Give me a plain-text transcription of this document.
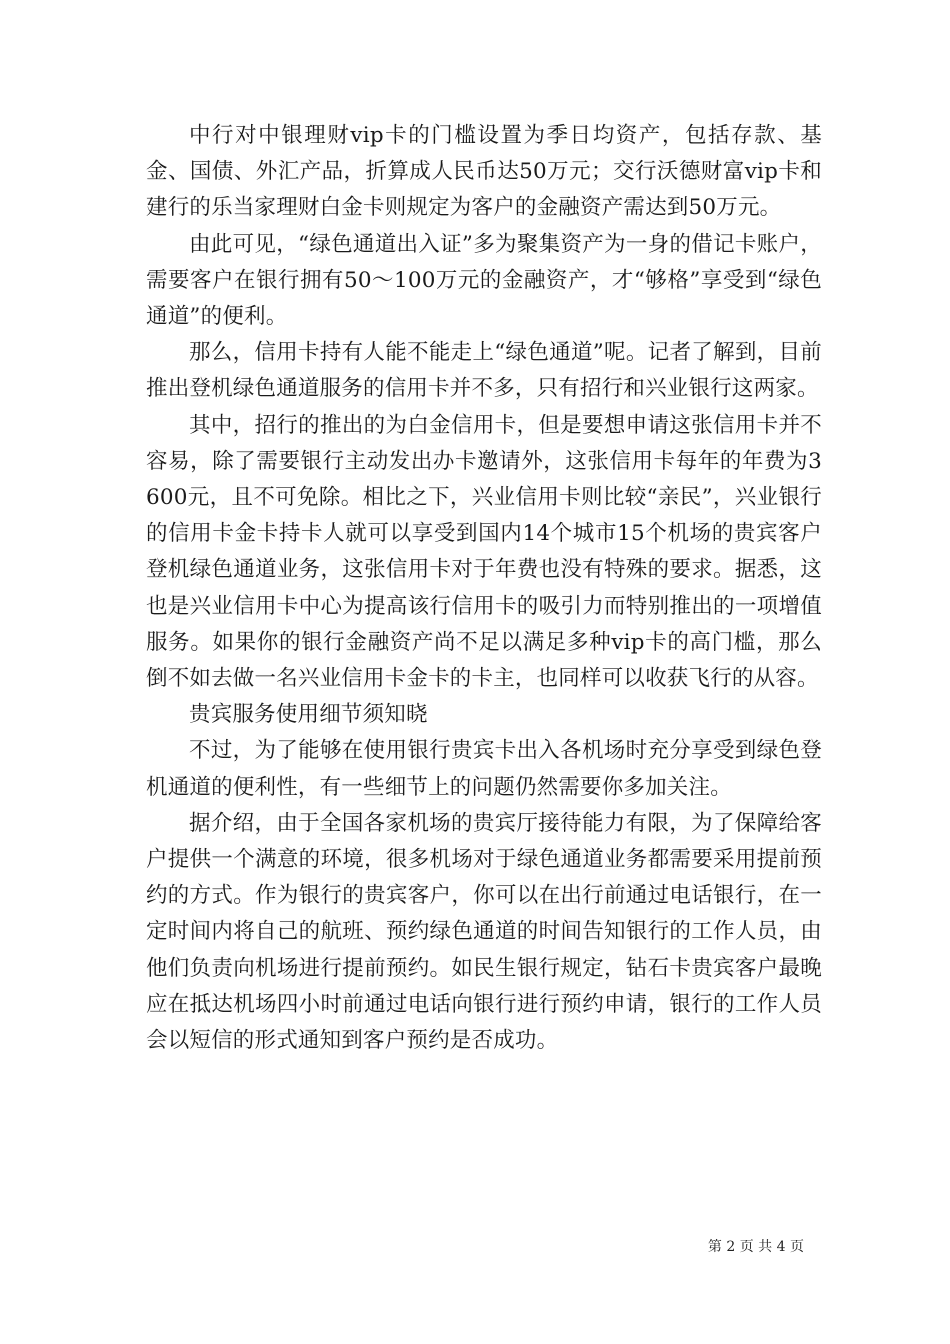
中行对中银理财vip卡的门槛设置为季日均资产，包括存款、基金、国债、外汇产品，折算成人民币达50万元；交行沃德财富vip卡和建行的乐当家理财白金卡则规定为客户的金融资产需达到50万元。

由此可见，“绿色通道出入证”多为聚集资产为一身的借记卡账户，需要客户在银行拥有50～100万元的金融资产，才“够格”享受到“绿色通道”的便利。

那么，信用卡持有人能不能走上“绿色通道”呢。记者了解到，目前推出登机绿色通道服务的信用卡并不多，只有招行和兴业银行这两家。

其中，招行的推出的为白金信用卡，但是要想申请这张信用卡并不容易，除了需要银行主动发出办卡邀请外，这张信用卡每年的年费为3600元，且不可免除。相比之下，兴业信用卡则比较“亲民”，兴业银行的信用卡金卡持卡人就可以享受到国内14个城市15个机场的贵宾客户登机绿色通道业务，这张信用卡对于年费也没有特殊的要求。据悉，这也是兴业信用卡中心为提高该行信用卡的吸引力而特别推出的一项增值服务。如果你的银行金融资产尚不足以满足多种vip卡的高门槛，那么倒不如去做一名兴业信用卡金卡的卡主，也同样可以收获飞行的从容。

贵宾服务使用细节须知晓

不过，为了能够在使用银行贵宾卡出入各机场时充分享受到绿色登机通道的便利性，有一些细节上的问题仍然需要你多加关注。

据介绍，由于全国各家机场的贵宾厅接待能力有限，为了保障给客户提供一个满意的环境，很多机场对于绿色通道业务都需要采用提前预约的方式。作为银行的贵宾客户，你可以在出行前通过电话银行，在一定时间内将自己的航班、预约绿色通道的时间告知银行的工作人员，由他们负责向机场进行提前预约。如民生银行规定，钻石卡贵宾客户最晚应在抵达机场四小时前通过电话向银行进行预约申请，银行的工作人员会以短信的形式通知到客户预约是否成功。

第 2 页 共 4 页
